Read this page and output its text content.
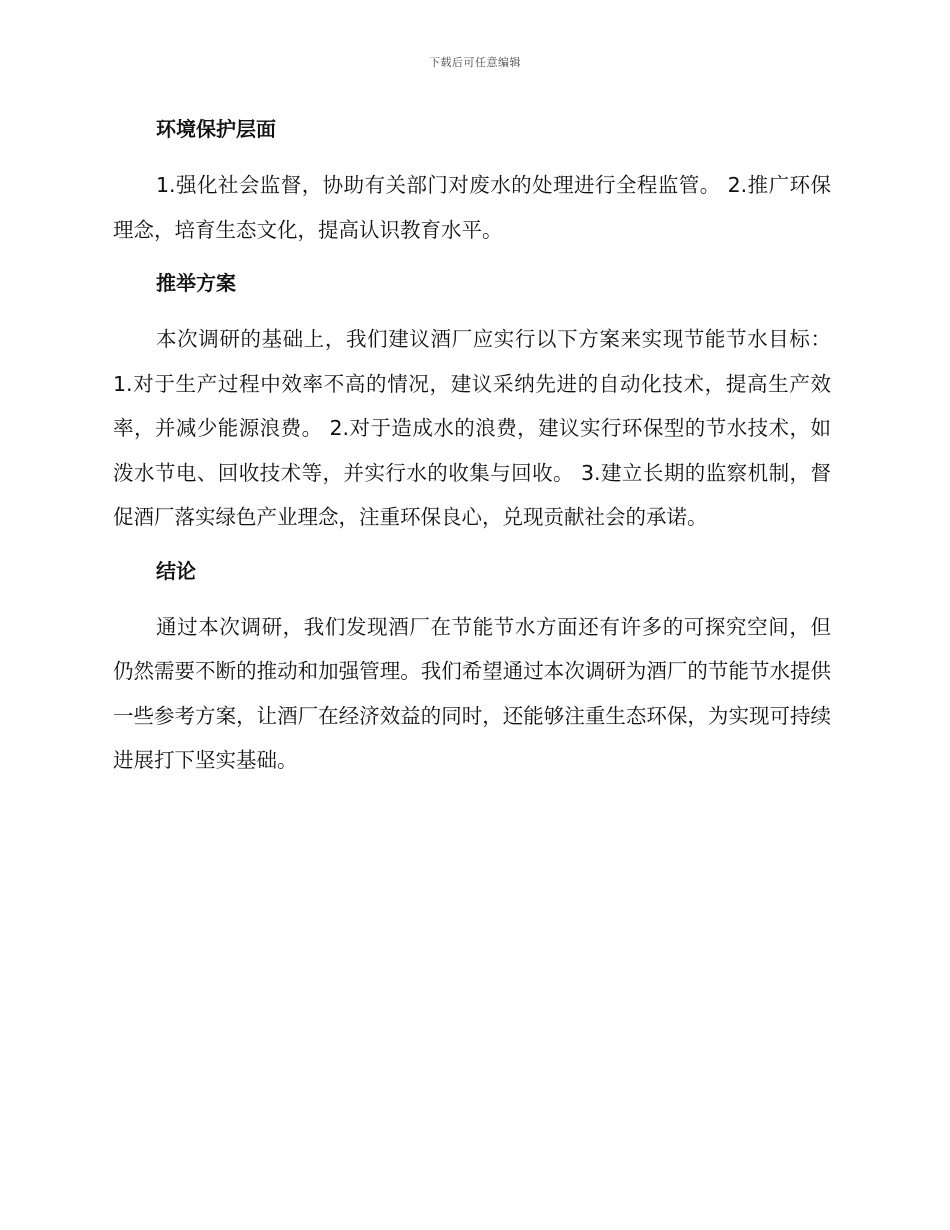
下载后可任意编辑
环境保护层面

1.强化社会监督，协助有关部门对废水的处理进行全程监管。 2.推广环保理念，培育生态文化，提高认识教育水平。

推举方案

本次调研的基础上，我们建议酒厂应实行以下方案来实现节能节水目标： 1.对于生产过程中效率不高的情况，建议采纳先进的自动化技术，提高生产效率，并减少能源浪费。 2.对于造成水的浪费，建议实行环保型的节水技术，如泼水节电、回收技术等，并实行水的收集与回收。 3.建立长期的监察机制，督促酒厂落实绿色产业理念，注重环保良心，兑现贡献社会的承诺。

结论

通过本次调研，我们发现酒厂在节能节水方面还有许多的可探究空间，但仍然需要不断的推动和加强管理。我们希望通过本次调研为酒厂的节能节水提供一些参考方案，让酒厂在经济效益的同时，还能够注重生态环保，为实现可持续进展打下坚实基础。
